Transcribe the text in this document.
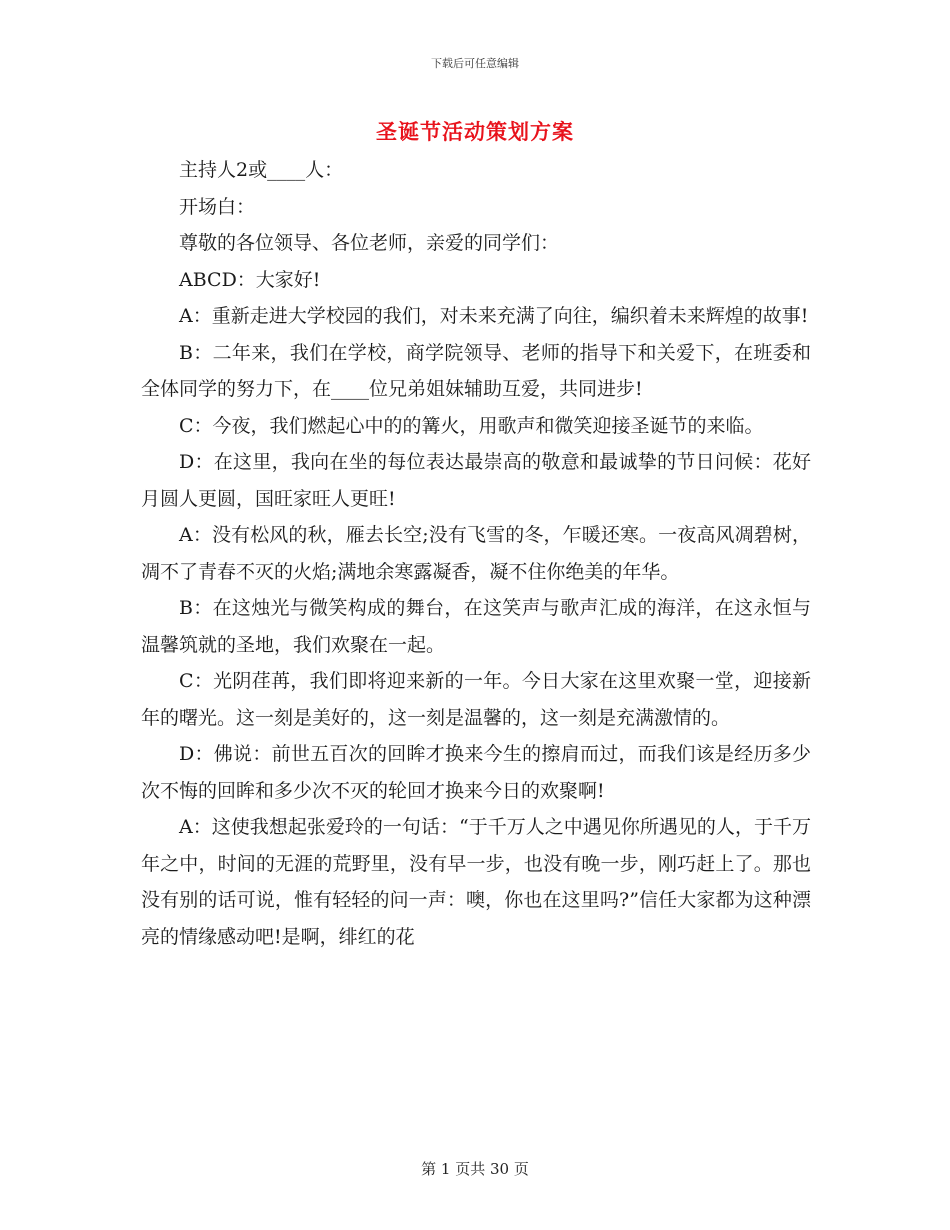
下载后可任意编辑
圣诞节活动策划方案

主持人2或____人：

开场白：

尊敬的各位领导、各位老师，亲爱的同学们：

ABCD：大家好!

A：重新走进大学校园的我们，对未来充满了向往，编织着未来辉煌的故事!

B：二年来，我们在学校，商学院领导、老师的指导下和关爱下，在班委和全体同学的努力下，在____位兄弟姐妹辅助互爱，共同进步!

C：今夜，我们燃起心中的的篝火，用歌声和微笑迎接圣诞节的来临。

D：在这里，我向在坐的每位表达最崇高的敬意和最诚挚的节日问候：花好月圆人更圆，国旺家旺人更旺!

A：没有松风的秋，雁去长空;没有飞雪的冬，乍暖还寒。一夜高风凋碧树，凋不了青春不灭的火焰;满地余寒露凝香，凝不住你绝美的年华。

B：在这烛光与微笑构成的舞台，在这笑声与歌声汇成的海洋，在这永恒与温馨筑就的圣地，我们欢聚在一起。

C：光阴荏苒，我们即将迎来新的一年。今日大家在这里欢聚一堂，迎接新年的曙光。这一刻是美好的，这一刻是温馨的，这一刻是充满激情的。

D：佛说：前世五百次的回眸才换来今生的擦肩而过，而我们该是经历多少次不悔的回眸和多少次不灭的轮回才换来今日的欢聚啊!

A：这使我想起张爱玲的一句话：“于千万人之中遇见你所遇见的人，于千万年之中，时间的无涯的荒野里，没有早一步，也没有晚一步，刚巧赶上了。那也没有别的话可说，惟有轻轻的问一声：噢，你也在这里吗?”信任大家都为这种漂亮的情缘感动吧!是啊，绯红的花

第 1 页共 30 页
